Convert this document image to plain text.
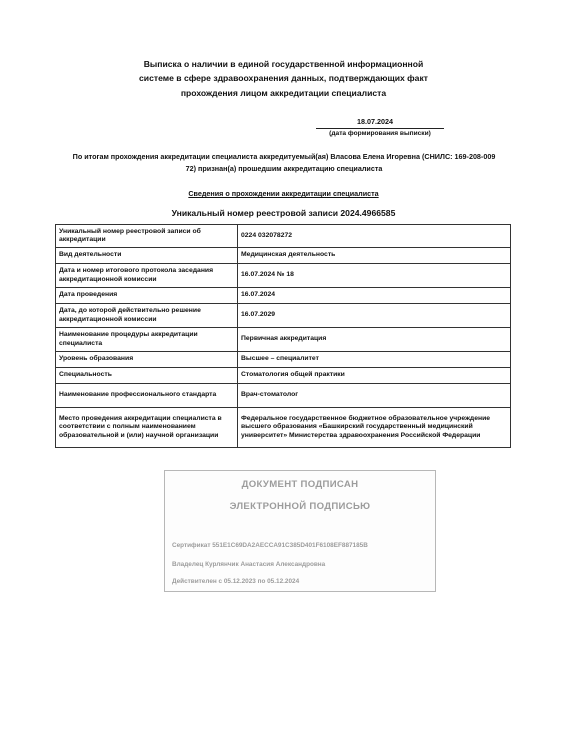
Выписка о наличии в единой государственной информационной
системе в сфере здравоохранения данных, подтверждающих факт
прохождения лицом аккредитации специалиста
18.07.2024
(дата формирования выписки)
По итогам прохождения аккредитации специалиста аккредитуемый(ая) Власова Елена Игоревна (СНИЛС: 169-208-009
72) признан(а) прошедшим аккредитацию специалиста
Сведения о прохождении аккредитации специалиста
Уникальный номер реестровой записи 2024.4966585
Уникальный номер реестровой записи об аккредитации	0224 032078272
Вид деятельности	Медицинская деятельность
Дата и номер итогового протокола заседания аккредитационной комиссии	16.07.2024 № 18
Дата проведения	16.07.2024
Дата, до которой действительно решение аккредитационной комиссии	16.07.2029
Наименование процедуры аккредитации специалиста	Первичная аккредитация
Уровень образования	Высшее – специалитет
Специальность	Стоматология общей практики
Наименование профессионального стандарта	Врач-стоматолог
Место проведения аккредитации специалиста в соответствии с полным наименованием образовательной и (или) научной организации	Федеральное государственное бюджетное образовательное учреждение высшего образования «Башкирский государственный медицинский университет» Министерства здравоохранения Российской Федерации
ДОКУМЕНТ ПОДПИСАН
ЭЛЕКТРОННОЙ ПОДПИСЬЮ
Сертификат 551E1C69DA2AECCA91C385D401F6108EF887185B
Владелец Курлянчик Анастасия Александровна
Действителен с 05.12.2023 по 05.12.2024
